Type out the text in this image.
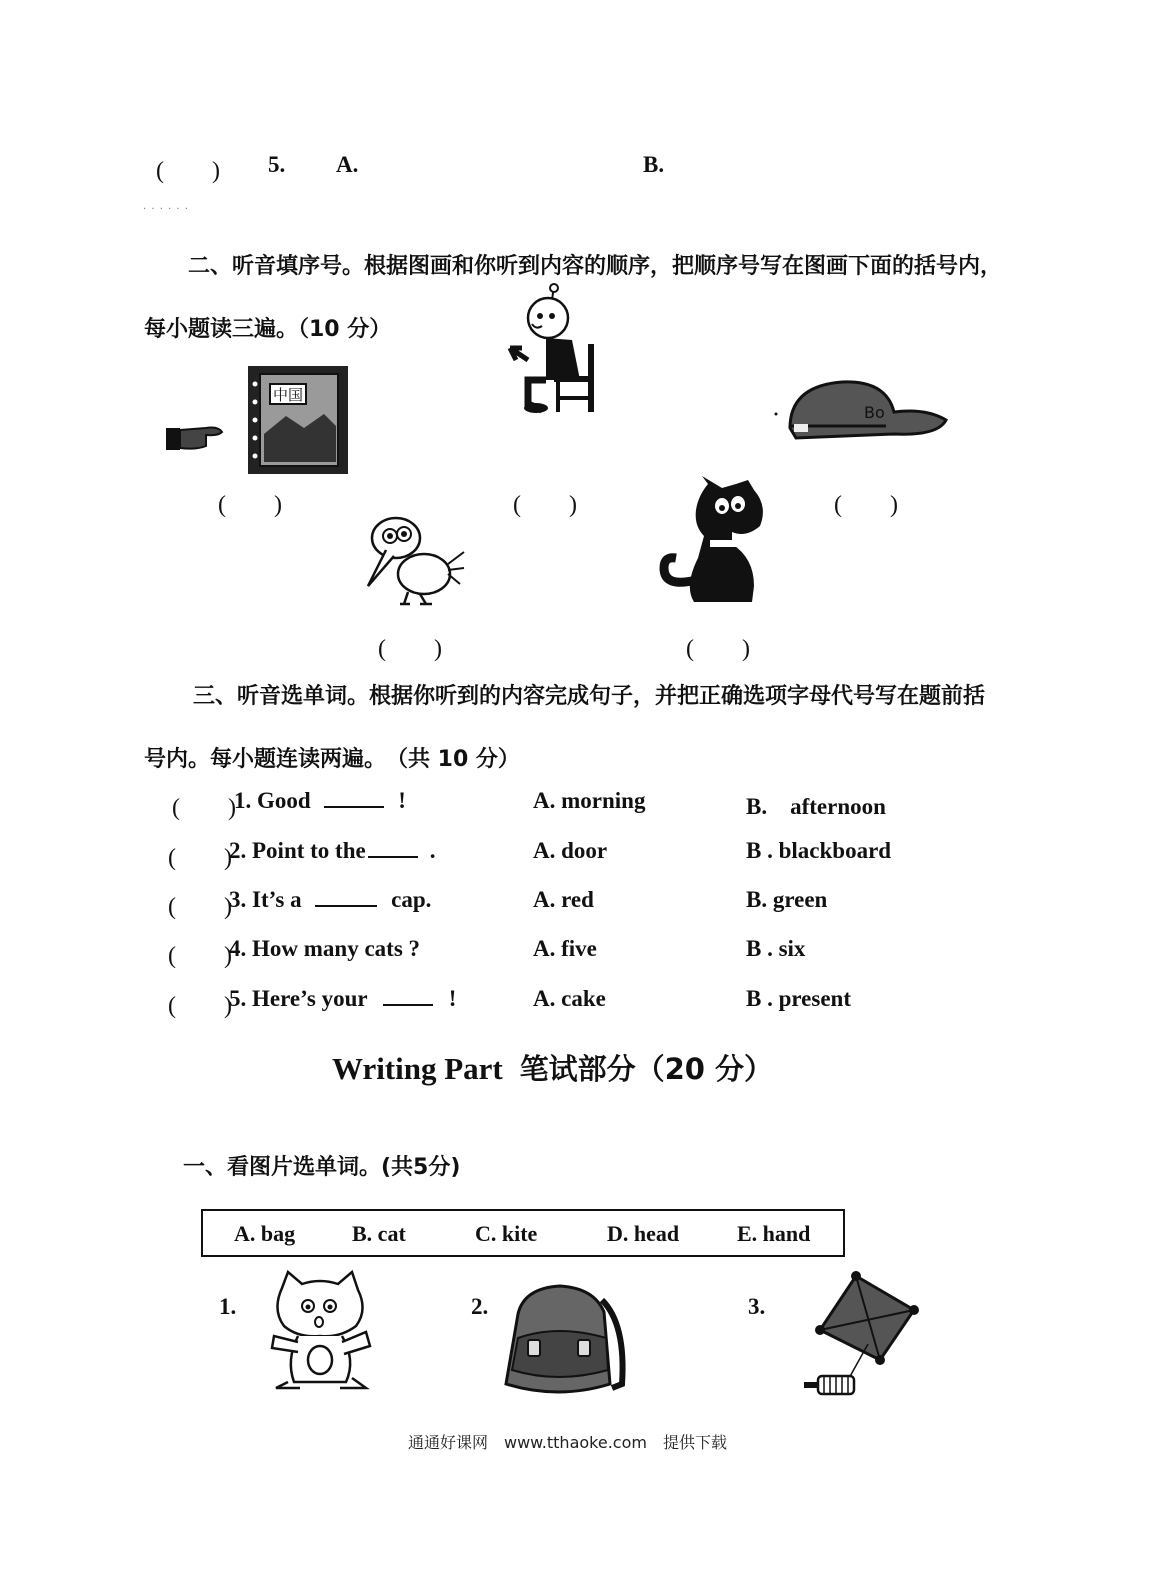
(　　) 5. A.	B.
· · · · · ·
二、听音填序号。根据图画和你听到内容的顺序，把顺序号写在图画下面的括号内，
每小题读三遍。（10 分）
中国
Bo
(　　)	(　　)	(　　)
(　　)	(　　)
三、听音选单词。根据你听到的内容完成句子，并把正确选项字母代号写在题前括
号内。每小题连读两遍。　（共 10 分）
(　　)
1. Good	!	A. morning	B.　afternoon
(　　)
2. Point to the	.	A. door	B . blackboard
(　　)
3. It’s a	cap.	A. red	B. green
(　　)
4. How many cats ?	A. five	B . six
(　　)
5. Here’s your	!	A. cake	B . present
Writing Part 笔试部分（20 分）
一、看图片选单词。(共5分)
A. bag	B. cat	C. kite	D. head	E. hand
1.	2.	3.
通通好课网　www.tthaoke.com　提供下载
